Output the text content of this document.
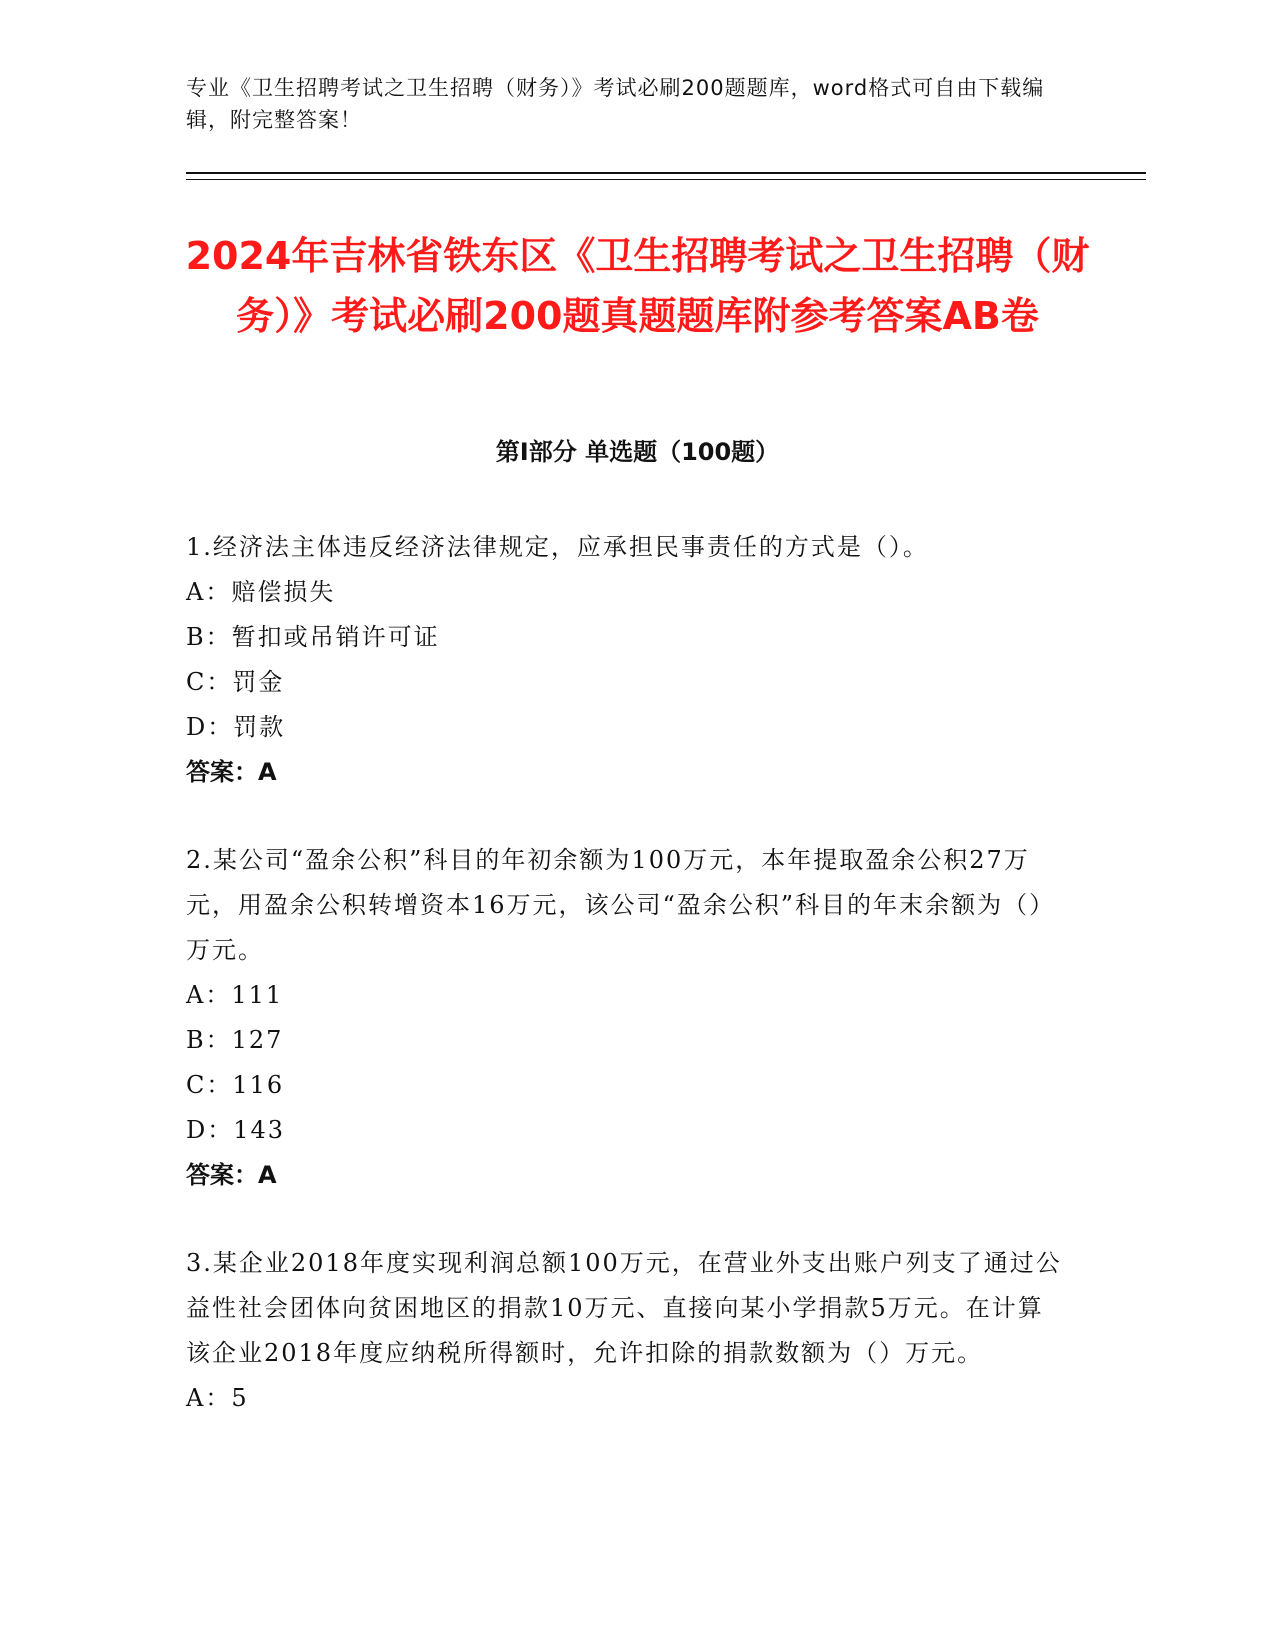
专业《卫生招聘考试之卫生招聘（财务）》考试必刷200题题库，word格式可自由下载编辑，附完整答案！
2024年吉林省铁东区《卫生招聘考试之卫生招聘（财务）》考试必刷200题真题题库附参考答案AB卷
第I部分 单选题（100题）
1.经济法主体违反经济法律规定，应承担民事责任的方式是（）。
A：赔偿损失
B：暂扣或吊销许可证
C：罚金
D：罚款
答案：A
2.某公司“盈余公积”科目的年初余额为100万元，本年提取盈余公积27万元，用盈余公积转增资本16万元，该公司“盈余公积”科目的年末余额为（）万元。
A：111
B：127
C：116
D：143
答案：A
3.某企业2018年度实现利润总额100万元，在营业外支出账户列支了通过公益性社会团体向贫困地区的捐款10万元、直接向某小学捐款5万元。在计算该企业2018年度应纳税所得额时，允许扣除的捐款数额为（）万元。
A：5
